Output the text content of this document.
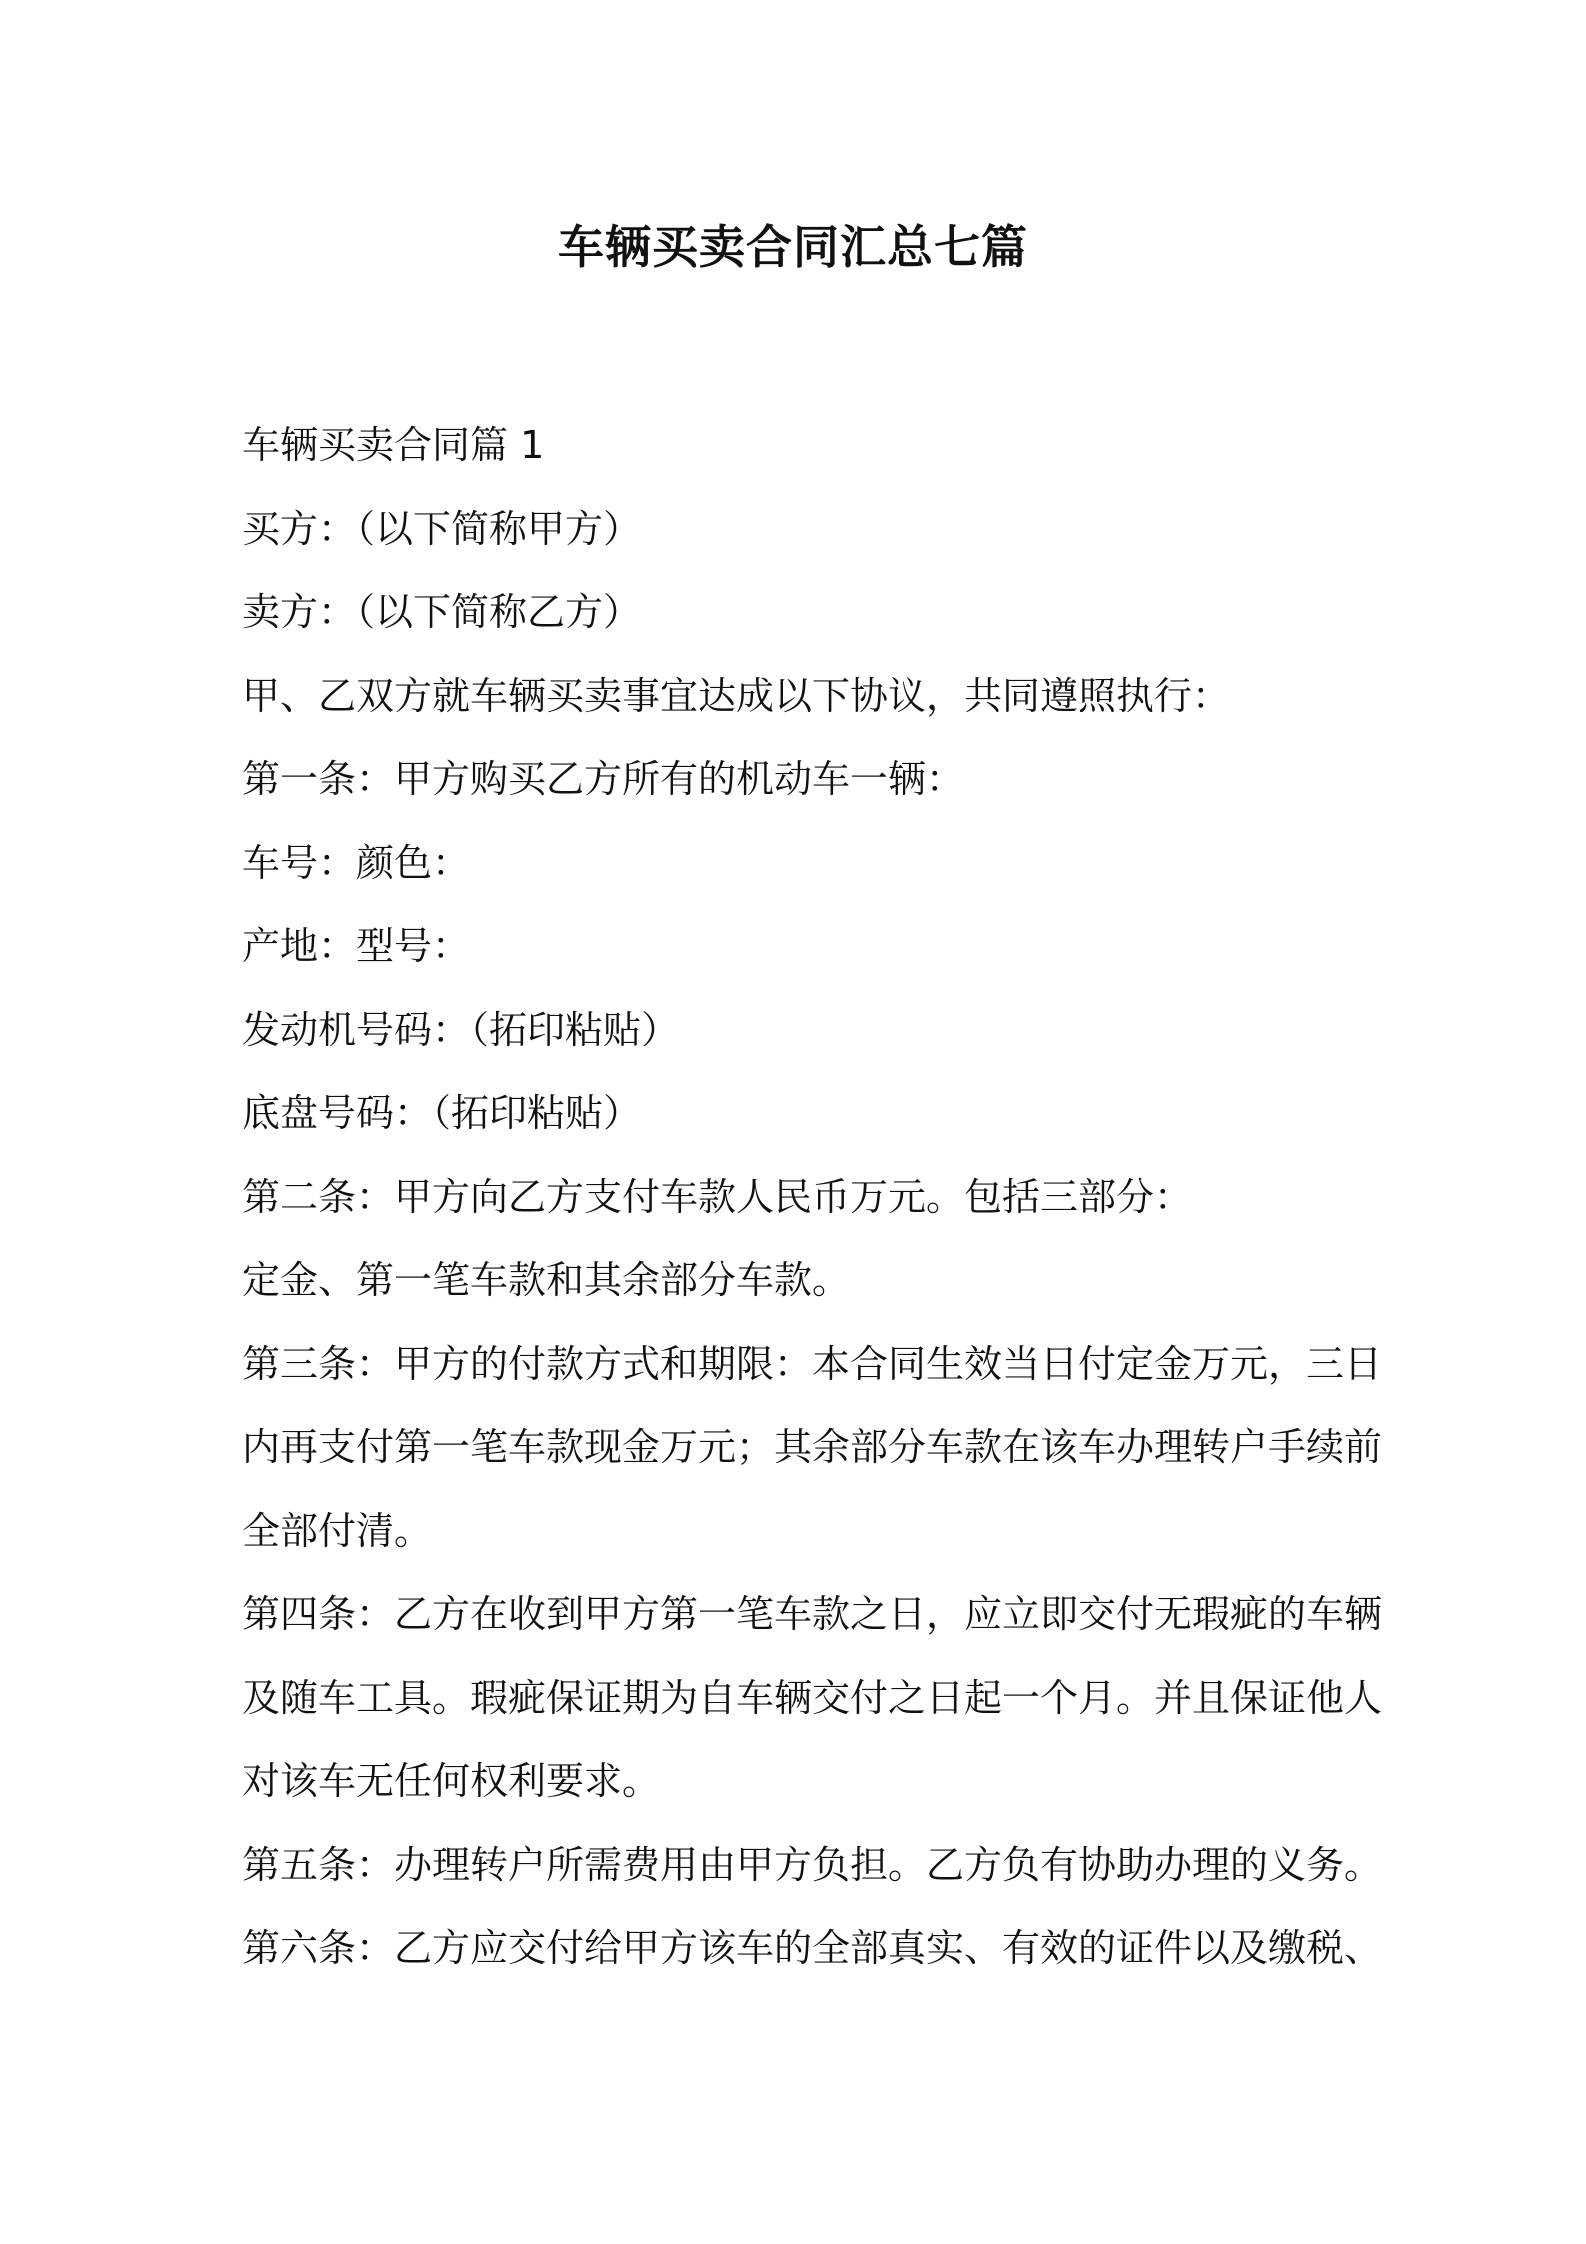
车辆买卖合同汇总七篇

车辆买卖合同篇 1

买方：（以下简称甲方）

卖方：（以下简称乙方）

甲、乙双方就车辆买卖事宜达成以下协议，共同遵照执行：

第一条：甲方购买乙方所有的机动车一辆：

车号：颜色：

产地：型号：

发动机号码：（拓印粘贴）

底盘号码：（拓印粘贴）

第二条：甲方向乙方支付车款人民币万元。包括三部分：

定金、第一笔车款和其余部分车款。

第三条：甲方的付款方式和期限：本合同生效当日付定金万元，三日

内再支付第一笔车款现金万元；其余部分车款在该车办理转户手续前

全部付清。

第四条：乙方在收到甲方第一笔车款之日，应立即交付无瑕疵的车辆

及随车工具。瑕疵保证期为自车辆交付之日起一个月。并且保证他人

对该车无任何权利要求。

第五条：办理转户所需费用由甲方负担。乙方负有协助办理的义务。

第六条：乙方应交付给甲方该车的全部真实、有效的证件以及缴税、
